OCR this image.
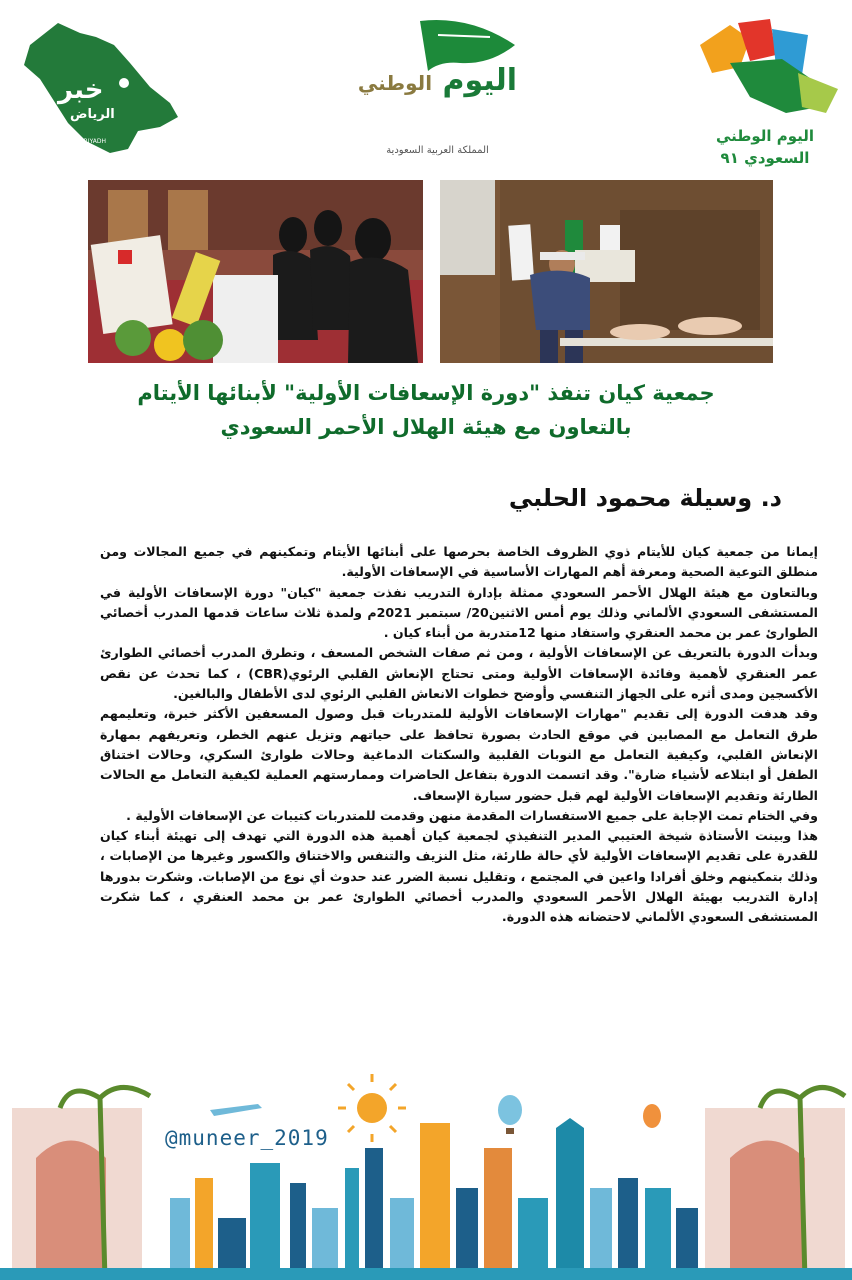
خبر
الرياض
KHABER_RIYADH
اليوم الوطني
المملكة العربية السعودية
اليوم الوطني
السعودي ٩١
جمعية كيان تنفذ "دورة الإسعافات الأولية" لأبنائها الأيتام
بالتعاون مع هيئة الهلال الأحمر السعودي
د. وسيلة محمود الحلبي

إيمانا من جمعية كيان للأيتام ذوي الظروف الخاصة بحرصها على أبنائها الأيتام وتمكينهم في جميع المجالات ومن منطلق التوعية الصحية ومعرفة أهم المهارات الأساسية في الإسعافات الأولية.

وبالتعاون مع هيئة الهلال الأحمر السعودي ممثلة بإدارة التدريب نفذت جمعية "كيان" دورة الإسعافات الأولية في المستشفى السعودي الألماني وذلك يوم أمس الاثنين20/ سبتمبر 2021م ولمدة ثلاث ساعات قدمها المدرب أخصائي الطوارئ عمر بن محمد العنقري واستفاد منها 12متدربة من أبناء كيان .

وبدأت الدورة بالتعريف عن الإسعافات الأولية ، ومن ثم صفات الشخص المسعف ، وتطرق المدرب أخصائي الطوارئ عمر العنقري لأهمية وفائدة الإسعافات الأولية ومتى تحتاج الإنعاش القلبي الرئوي(CBR) ، كما تحدث عن نقص الأكسجين ومدى أثره على الجهاز التنفسي وأوضح خطوات الانعاش القلبي الرئوي لدى الأطفال والبالغين.

وقد هدفت الدورة إلى تقديم "مهارات الإسعافات الأولية للمتدربات قبل وصول المسعفين الأكثر خبرة، وتعليمهم طرق التعامل مع المصابين في موقع الحادث بصورة تحافظ على حياتهم وتزيل عنهم الخطر، وتعريفهم بمهارة الإنعاش القلبي، وكيفية التعامل مع النوبات القلبية والسكتات الدماغية وحالات طوارئ السكري، وحالات اختناق الطفل أو ابتلاعه لأشياء ضارة". وقد اتسمت الدورة بتفاعل الحاضرات وممارستهم العملية لكيفية التعامل مع الحالات الطارئة وتقديم الإسعافات الأولية لهم قبل حضور سيارة الإسعاف.

وفي الختام تمت الإجابة على جميع الاستفسارات المقدمة منهن وقدمت للمتدربات كتيبات عن الإسعافات الأولية .

هذا وبينت الأستاذة شيخة العتيبي المدير التنفيذي لجمعية كيان أهمية هذه الدورة التي تهدف إلى تهيئة أبناء كيان للقدرة على تقديم الإسعافات الأولية لأي حالة طارئة، مثل النزيف والتنفس والاختناق والكسور وغيرها من الإصابات ، وذلك بتمكينهم وخلق أفرادا واعين في المجتمع ، وتقليل نسبة الضرر عند حدوث أي نوع من الإصابات. وشكرت بدورها إدارة التدريب بهيئة الهلال الأحمر السعودي والمدرب أخصائي الطوارئ عمر بن محمد العنقري ، كما شكرت المستشفى السعودي الألماني لاحتضانه هذه الدورة.

@muneer_2019
